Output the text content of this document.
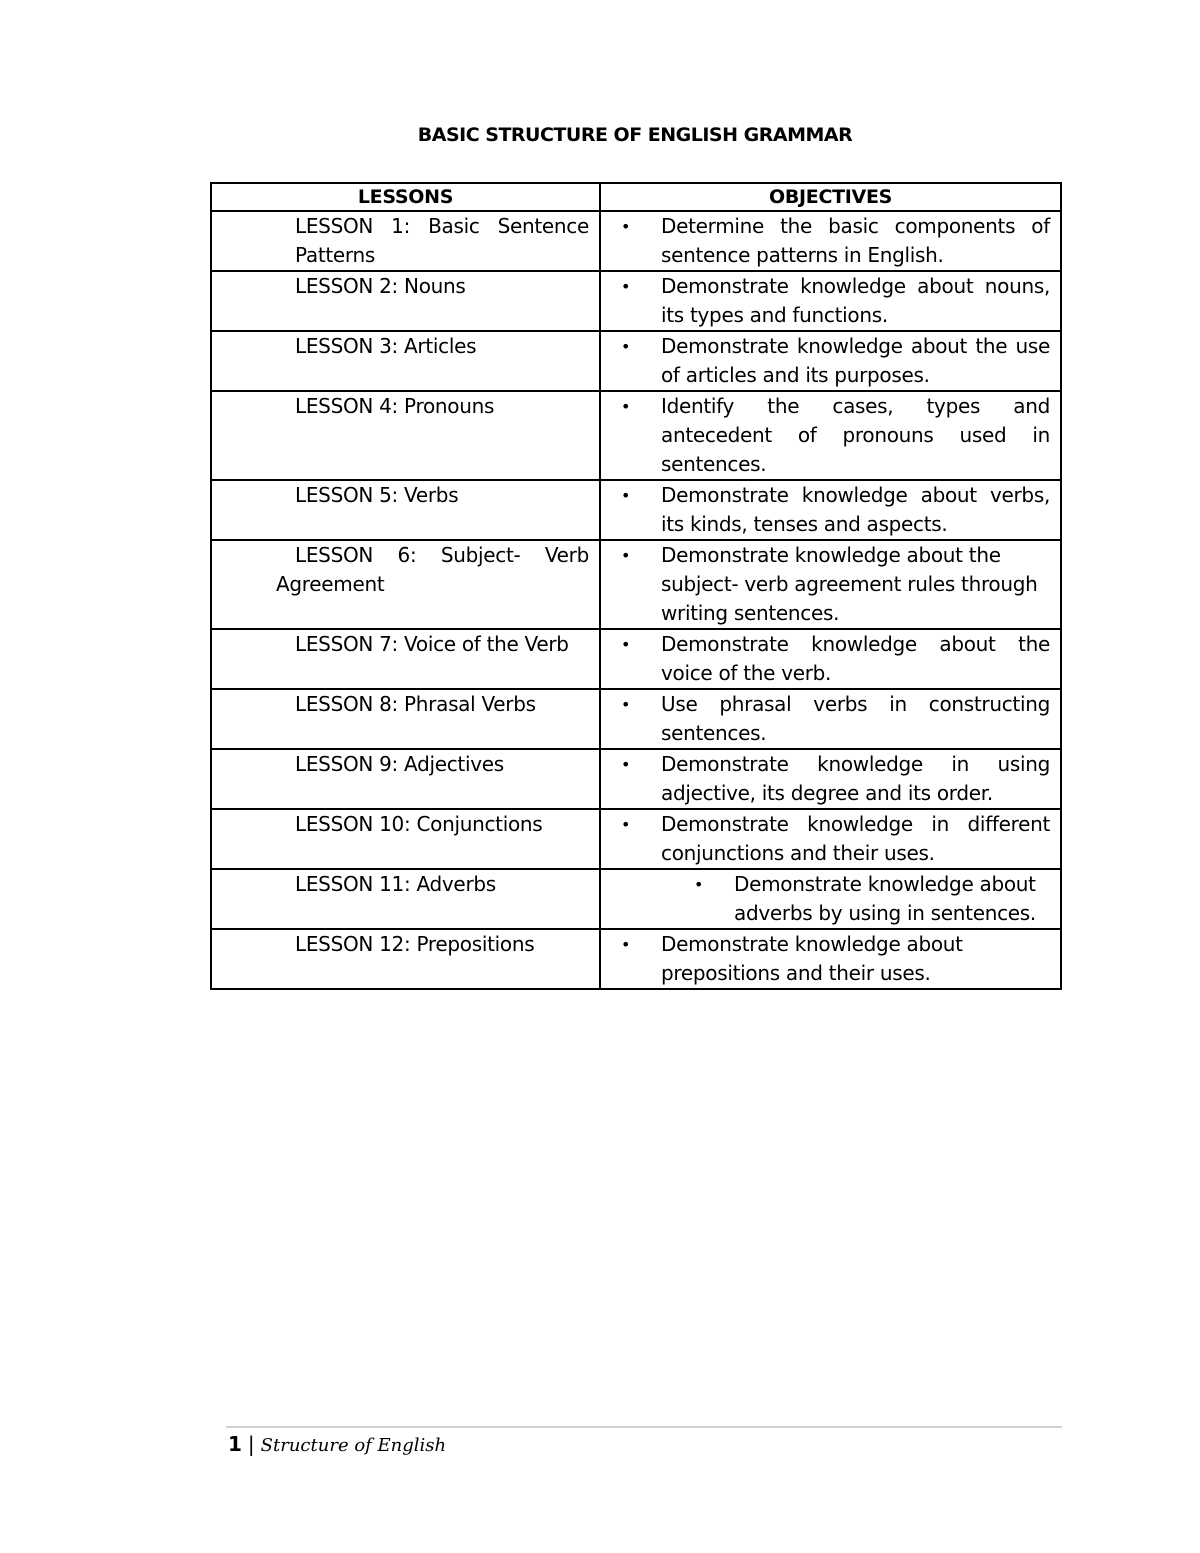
BASIC STRUCTURE OF ENGLISH GRAMMAR
LESSONS	OBJECTIVES
LESSON 1: Basic Sentence Patterns	• Determine the basic components of sentence patterns in English.

LESSON 2: Nouns	• Demonstrate knowledge about nouns, its types and functions.

LESSON 3: Articles	• Demonstrate knowledge about the use of articles and its purposes.

LESSON 4: Pronouns	• Identify the cases, types and antecedent of pronouns used in sentences.

LESSON 5: Verbs	• Demonstrate knowledge about verbs, its kinds, tenses and aspects.

LESSON 6: Subject- Verb Agreement	• Demonstrate knowledge about the subject- verb agreement rules through writing sentences.

LESSON 7: Voice of the Verb	• Demonstrate knowledge about the voice of the verb.

LESSON 8: Phrasal Verbs	• Use phrasal verbs in constructing sentences.

LESSON 9: Adjectives	• Demonstrate knowledge in using adjective, its degree and its order.

LESSON 10: Conjunctions	• Demonstrate knowledge in different conjunctions and their uses.

LESSON 11: Adverbs	• Demonstrate knowledge about adverbs by using in sentences.

LESSON 12: Prepositions	• Demonstrate knowledge about prepositions and their uses.
1 | Structure of English
